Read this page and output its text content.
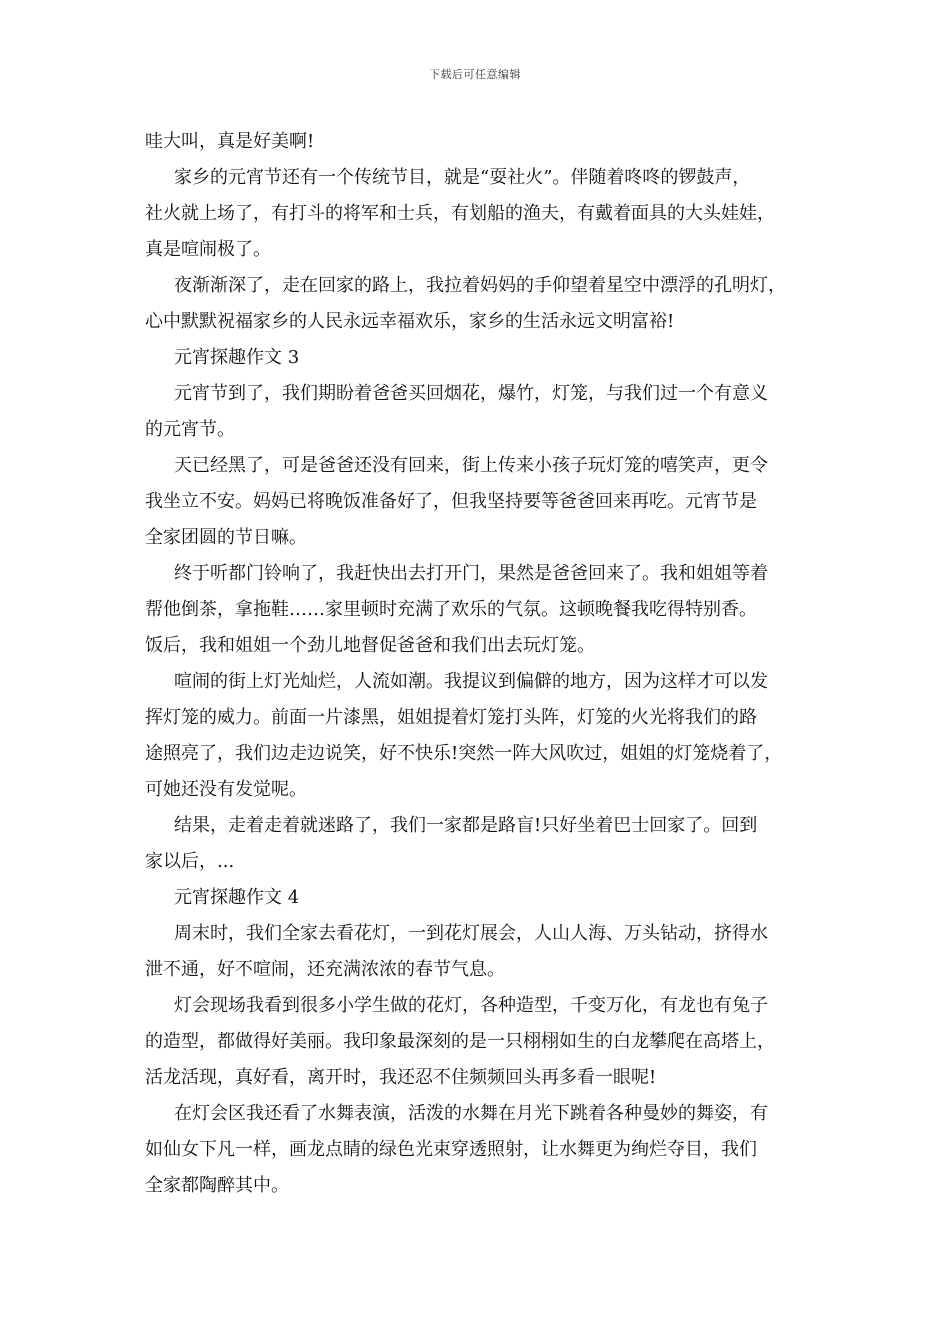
下载后可任意编辑
哇大叫，真是好美啊!
家乡的元宵节还有一个传统节目，就是“耍社火”。伴随着咚咚的锣鼓声，
社火就上场了，有打斗的将军和士兵，有划船的渔夫，有戴着面具的大头娃娃，
真是喧闹极了。
夜渐渐深了，走在回家的路上，我拉着妈妈的手仰望着星空中漂浮的孔明灯，
心中默默祝福家乡的人民永远幸福欢乐，家乡的生活永远文明富裕!
元宵探趣作文 3
元宵节到了，我们期盼着爸爸买回烟花，爆竹，灯笼，与我们过一个有意义
的元宵节。
天已经黑了，可是爸爸还没有回来，街上传来小孩子玩灯笼的嘻笑声，更令
我坐立不安。妈妈已将晚饭准备好了，但我坚持要等爸爸回来再吃。元宵节是
全家团圆的节日嘛。
终于听都门铃响了，我赶快出去打开门，果然是爸爸回来了。我和姐姐等着
帮他倒茶，拿拖鞋……家里顿时充满了欢乐的气氛。这顿晚餐我吃得特别香。
饭后，我和姐姐一个劲儿地督促爸爸和我们出去玩灯笼。
喧闹的街上灯光灿烂，人流如潮。我提议到偏僻的地方，因为这样才可以发
挥灯笼的威力。前面一片漆黑，姐姐提着灯笼打头阵，灯笼的火光将我们的路
途照亮了，我们边走边说笑，好不快乐!突然一阵大风吹过，姐姐的灯笼烧着了，
可她还没有发觉呢。
结果，走着走着就迷路了，我们一家都是路盲!只好坐着巴士回家了。回到
家以后，...
元宵探趣作文 4
周末时，我们全家去看花灯，一到花灯展会，人山人海、万头钻动，挤得水
泄不通，好不喧闹，还充满浓浓的春节气息。
灯会现场我看到很多小学生做的花灯，各种造型，千变万化，有龙也有兔子
的造型，都做得好美丽。我印象最深刻的是一只栩栩如生的白龙攀爬在高塔上，
活龙活现，真好看，离开时，我还忍不住频频回头再多看一眼呢!
在灯会区我还看了水舞表演，活泼的水舞在月光下跳着各种曼妙的舞姿，有
如仙女下凡一样，画龙点睛的绿色光束穿透照射，让水舞更为绚烂夺目，我们
全家都陶醉其中。
